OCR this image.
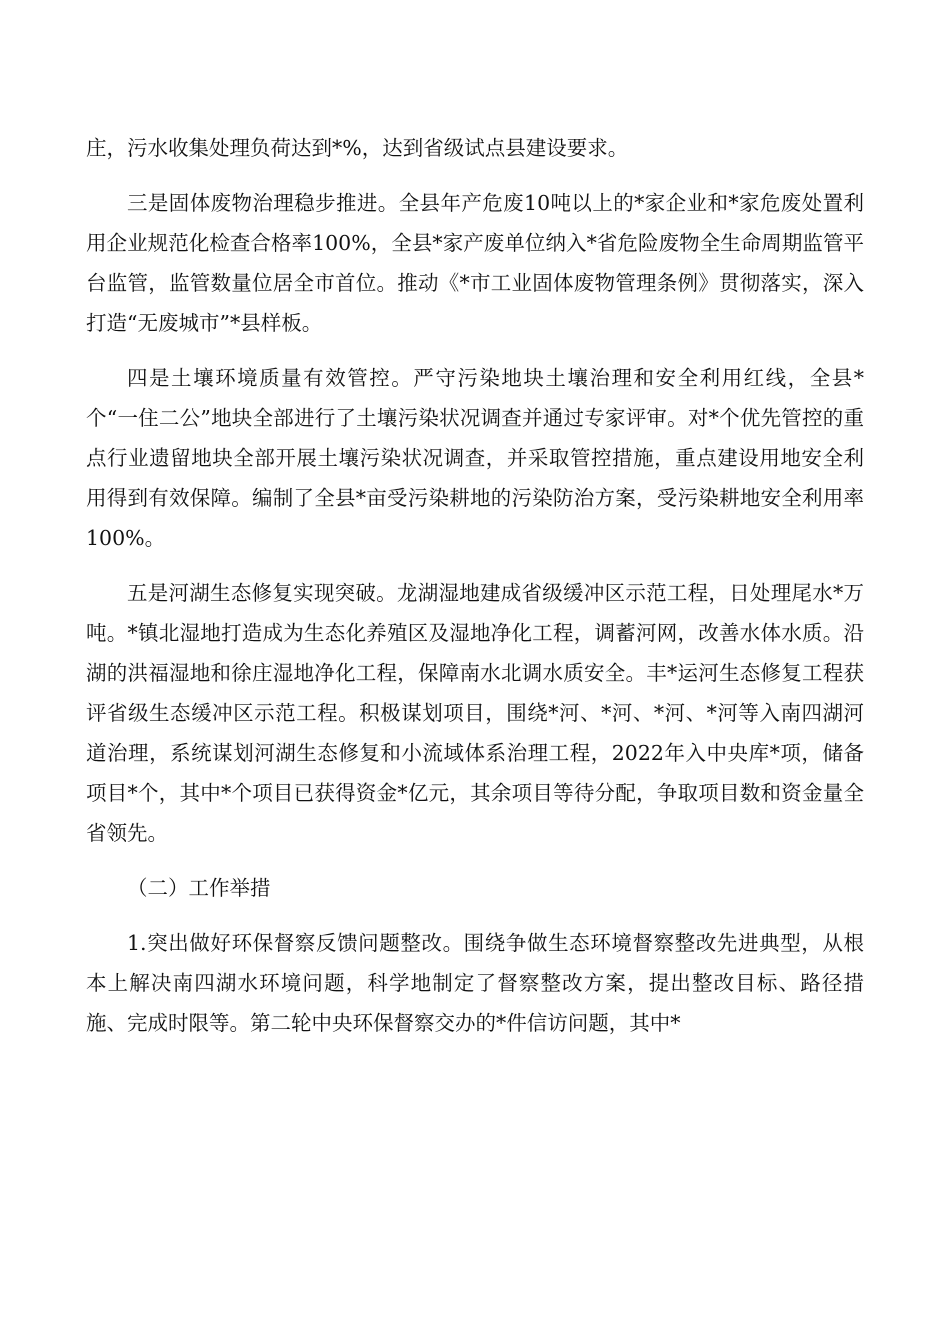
庄，污水收集处理负荷达到*%，达到省级试点县建设要求。

三是固体废物治理稳步推进。全县年产危废10吨以上的*家企业和*家危废处置利用企业规范化检查合格率100%，全县*家产废单位纳入*省危险废物全生命周期监管平台监管，监管数量位居全市首位。推动《*市工业固体废物管理条例》贯彻落实，深入打造“无废城市”*县样板。

四是土壤环境质量有效管控。严守污染地块土壤治理和安全利用红线，全县*个“一住二公”地块全部进行了土壤污染状况调查并通过专家评审。对*个优先管控的重点行业遗留地块全部开展土壤污染状况调查，并采取管控措施，重点建设用地安全利用得到有效保障。编制了全县*亩受污染耕地的污染防治方案，受污染耕地安全利用率100%。

五是河湖生态修复实现突破。龙湖湿地建成省级缓冲区示范工程，日处理尾水*万吨。*镇北湿地打造成为生态化养殖区及湿地净化工程，调蓄河网，改善水体水质。沿湖的洪福湿地和徐庄湿地净化工程，保障南水北调水质安全。丰*运河生态修复工程获评省级生态缓冲区示范工程。积极谋划项目，围绕*河、*河、*河、*河等入南四湖河道治理，系统谋划河湖生态修复和小流域体系治理工程，2022年入中央库*项，储备项目*个，其中*个项目已获得资金*亿元，其余项目等待分配，争取项目数和资金量全省领先。

（二）工作举措

1.突出做好环保督察反馈问题整改。围绕争做生态环境督察整改先进典型，从根本上解决南四湖水环境问题，科学地制定了督察整改方案，提出整改目标、路径措施、完成时限等。第二轮中央环保督察交办的*件信访问题，其中*
